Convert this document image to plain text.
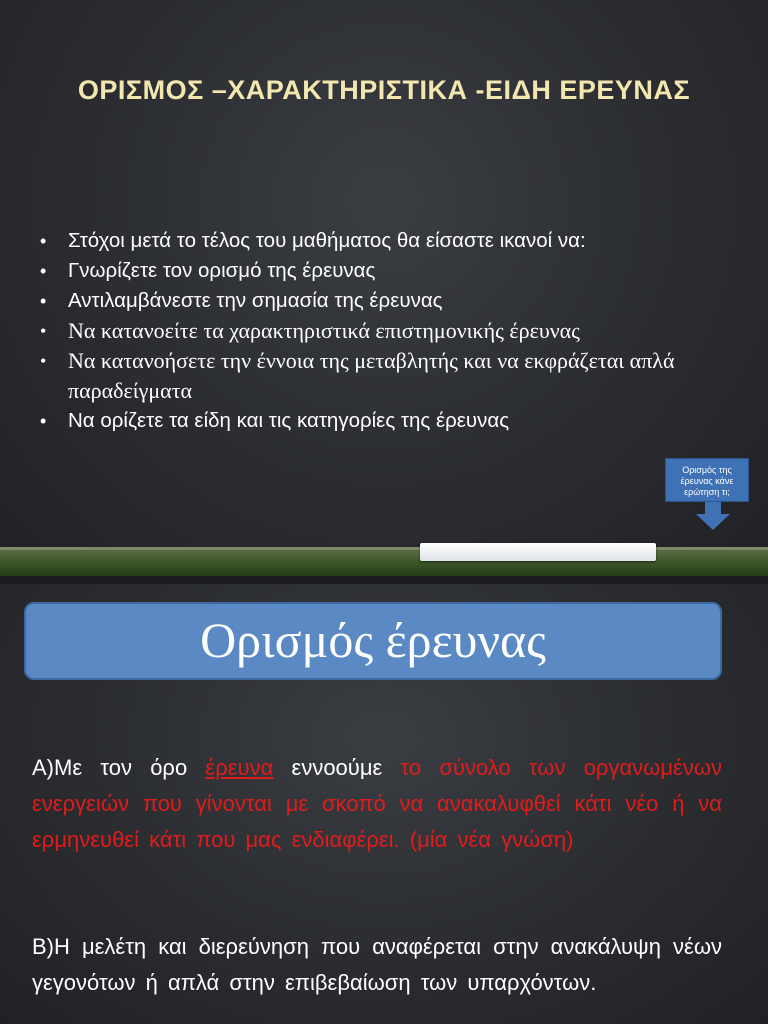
ΟΡΙΣΜΟΣ –ΧΑΡΑΚΤΗΡΙΣΤΙΚΑ -ΕΙΔΗ ΕΡΕΥΝΑΣ
• Στόχοι μετά το τέλος του μαθήματος θα είσαστε ικανοί να:
• Γνωρίζετε τον ορισμό της έρευνας
• Αντιλαμβάνεστε την σημασία της έρευνας
• Να κατανοείτε τα χαρακτηριστικά επιστημονικής έρευνας
• Να κατανοήσετε την έννοια της μεταβλητής και να εκφράζεται απλά παραδείγματα
• Να ορίζετε τα είδη και τις κατηγορίες της έρευνας
Ορισμός της έρευνας κάνε ερώτηση τι;
Ορισμός έρευνας
Α)Με τον όρο έρευνα εννοούμε το σύνολο των οργανωμένων ενεργειών που γίνονται με σκοπό να ανακαλυφθεί κάτι νέο ή να ερμηνευθεί κάτι που μας ενδιαφέρει. (μία νέα γνώση)
Β)Η μελέτη και διερεύνηση που αναφέρεται στην ανακάλυψη νέων γεγονότων ή απλά στην επιβεβαίωση των υπαρχόντων.
